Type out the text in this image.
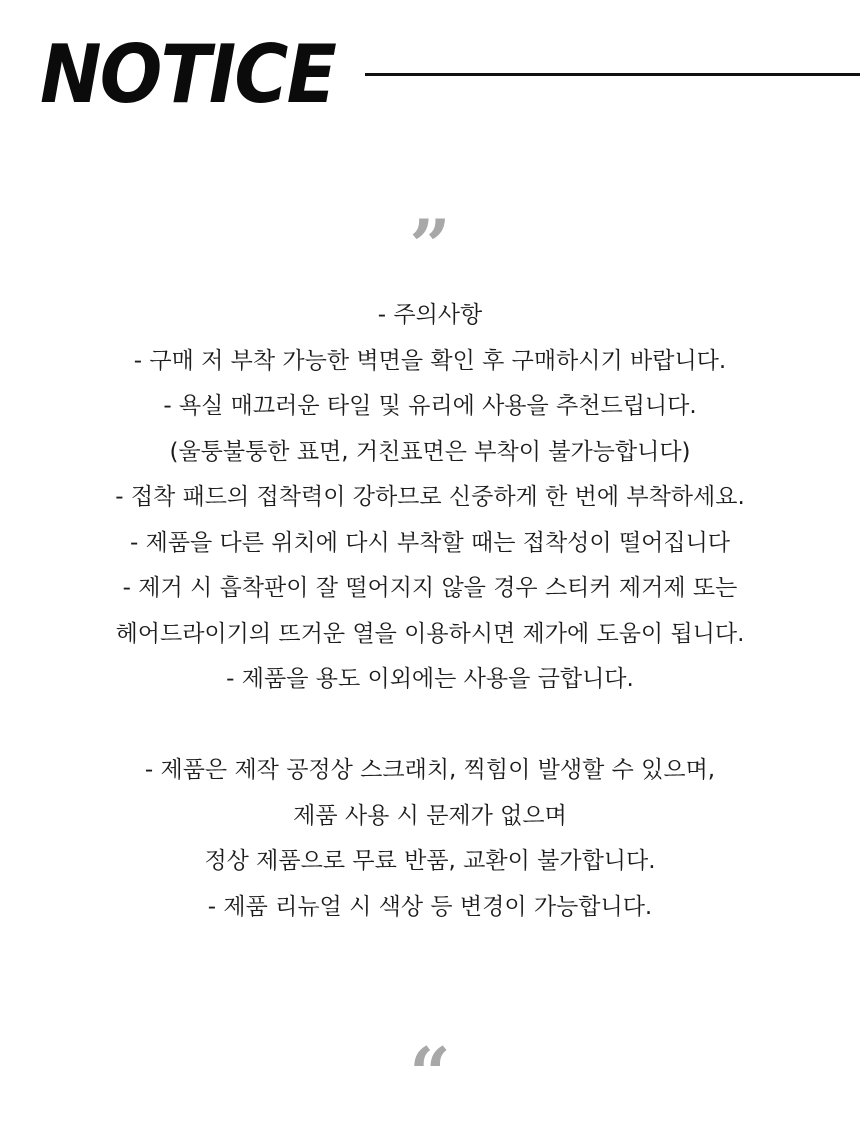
NOTICE
”
- 주의사항
- 구매 저 부착 가능한 벽면을 확인 후 구매하시기 바랍니다.
- 욕실 매끄러운 타일 및 유리에 사용을 추천드립니다.
(울퉁불퉁한 표면, 거친표면은 부착이 불가능합니다)
- 접착 패드의 접착력이 강하므로 신중하게 한 번에 부착하세요.
- 제품을 다른 위치에 다시 부착할 때는 접착성이 떨어집니다
- 제거 시 흡착판이 잘 떨어지지 않을 경우 스티커 제거제 또는
헤어드라이기의 뜨거운 열을 이용하시면 제가에 도움이 됩니다.
- 제품을 용도 이외에는 사용을 금합니다.
- 제품은 제작 공정상 스크래치, 찍힘이 발생할 수 있으며,
제품 사용 시 문제가 없으며
정상 제품으로 무료 반품, 교환이 불가합니다.
- 제품 리뉴얼 시 색상 등 변경이 가능합니다.
“
